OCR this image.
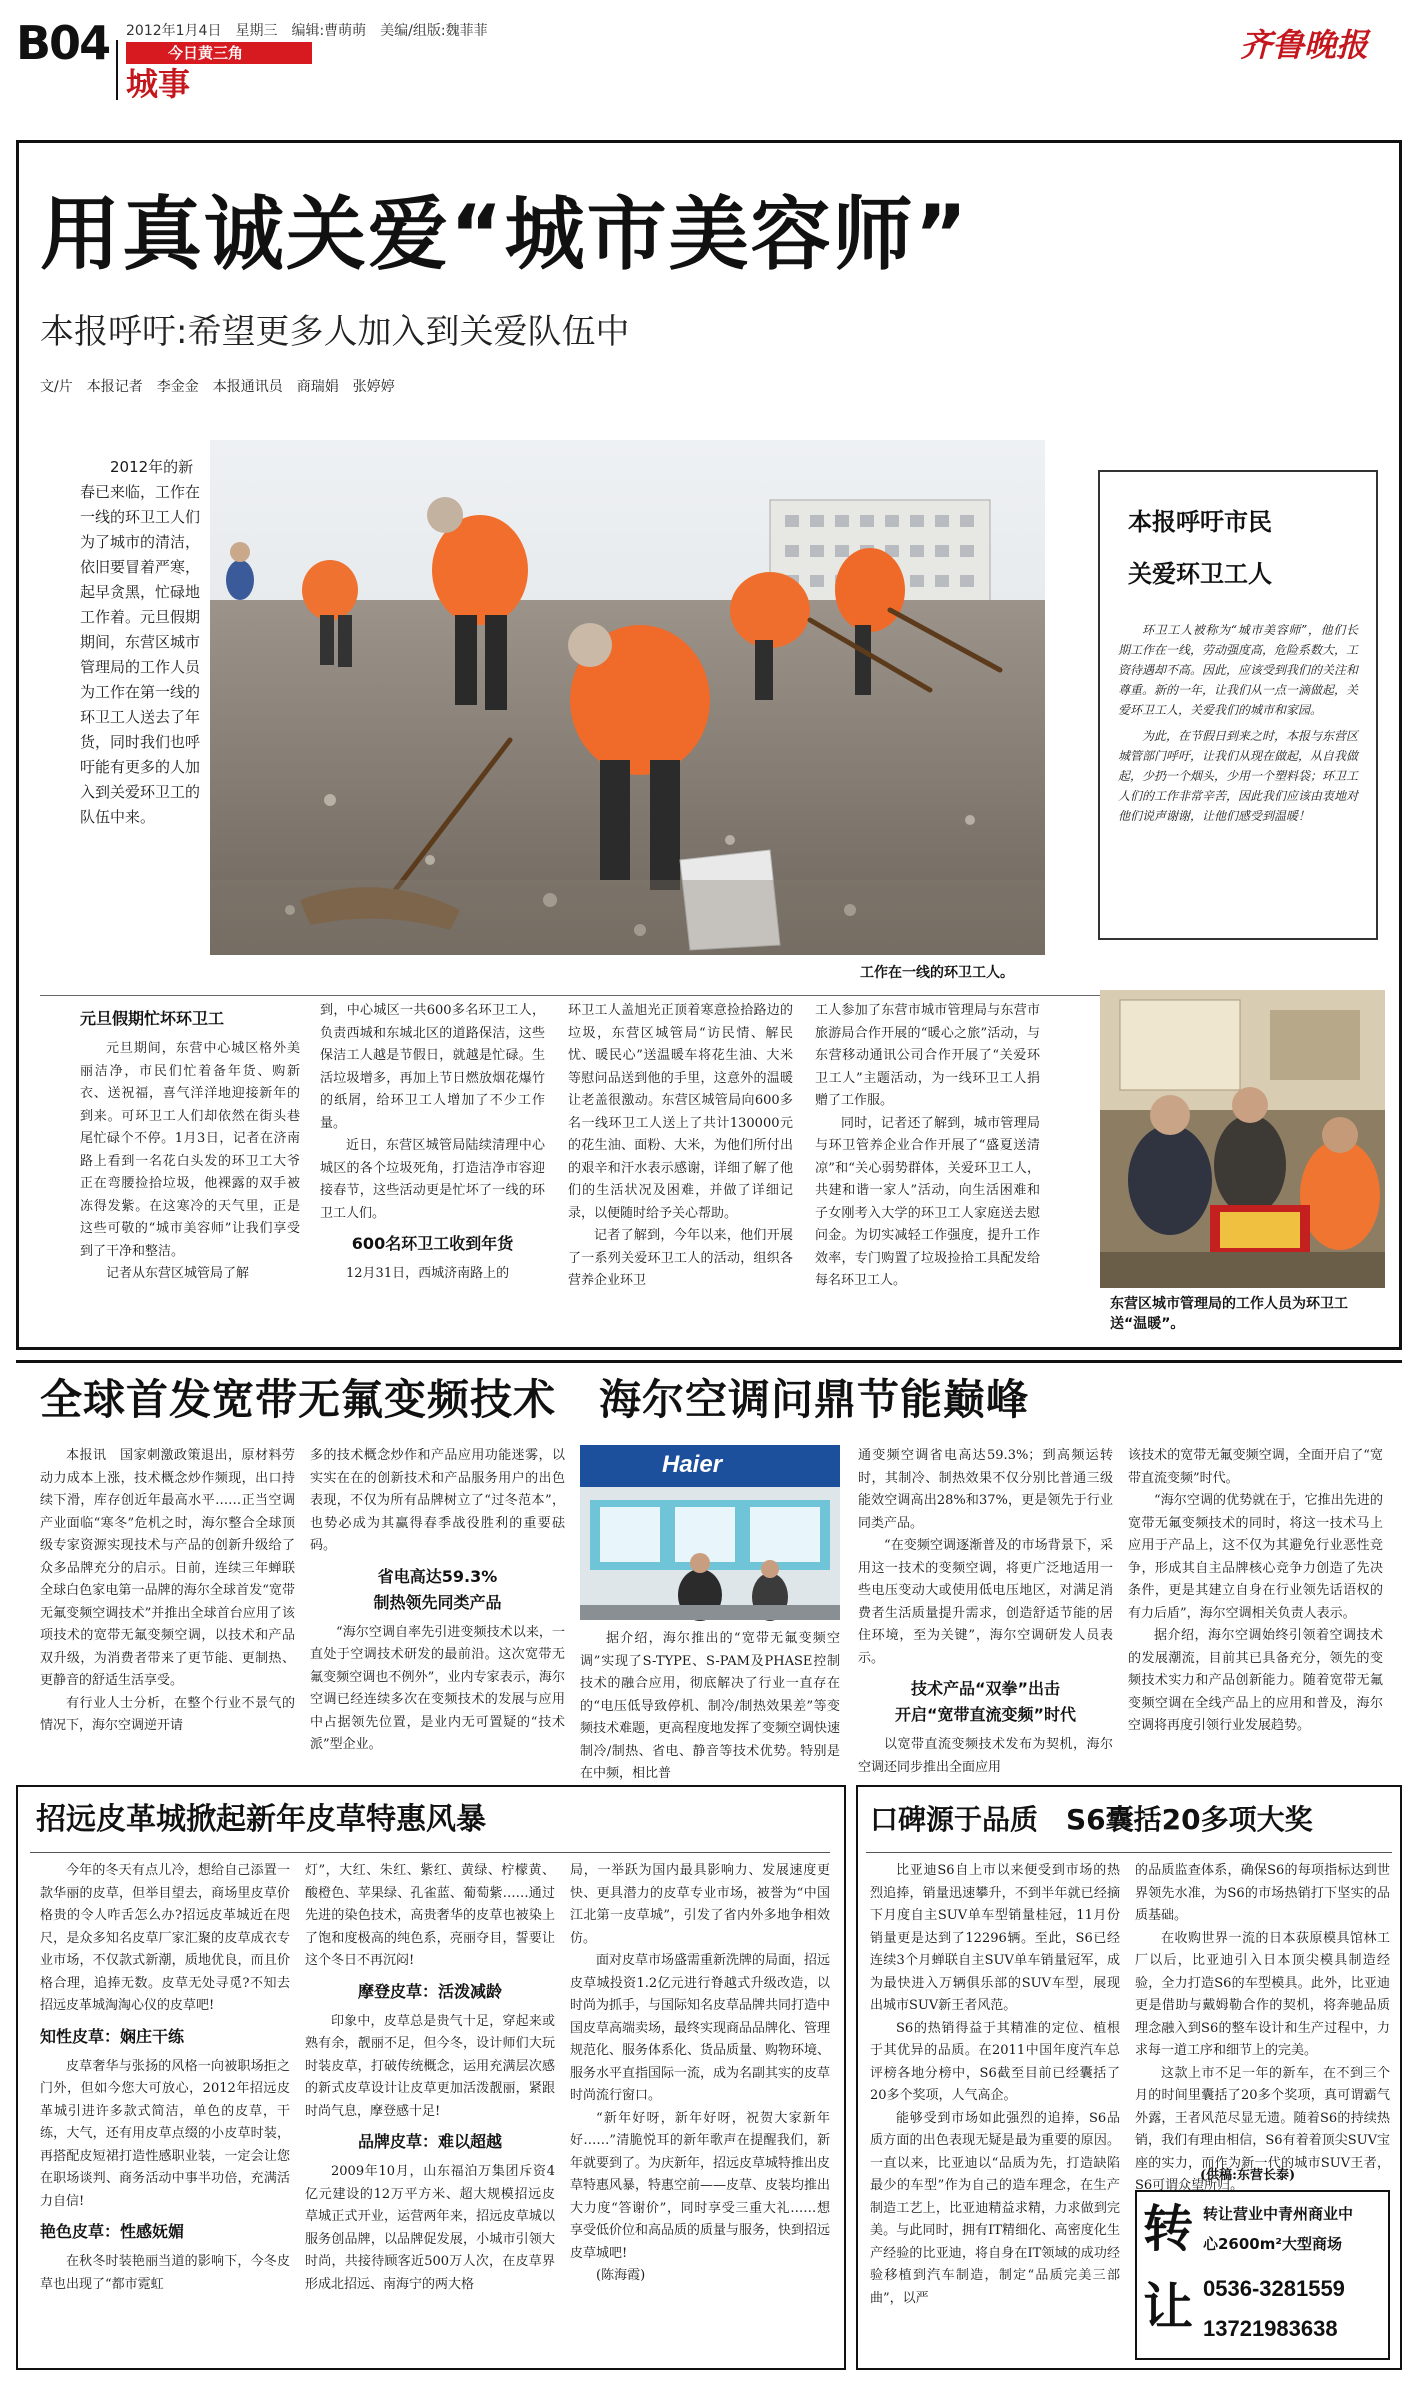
B04 2012年1月4日　星期三　编辑:曹萌萌　美编/组版:魏菲菲
今日黄三角
城事
齐鲁晚报
用真诚关爱“城市美容师”
本报呼吁:希望更多人加入到关爱队伍中
文/片　本报记者　李金金　本报通讯员　商瑞娟　张婷婷

2012年的新春已来临，工作在一线的环卫工人们为了城市的清洁，依旧要冒着严寒，起早贪黑，忙碌地工作着。元旦假期期间，东营区城市管理局的工作人员为工作在第一线的环卫工人送去了年货，同时我们也呼吁能有更多的人加入到关爱环卫工的队伍中来。

工作在一线的环卫工人。
本报呼吁市民
关爱环卫工人

环卫工人被称为“城市美容师”，他们长期工作在一线，劳动强度高，危险系数大，工资待遇却不高。因此，应该受到我们的关注和尊重。新的一年，让我们从一点一滴做起，关爱环卫工人，关爱我们的城市和家园。

为此，在节假日到来之时，本报与东营区城管部门呼吁，让我们从现在做起，从自我做起，少扔一个烟头，少用一个塑料袋；环卫工人们的工作非常辛苦，因此我们应该由衷地对他们说声谢谢，让他们感受到温暖！

元旦假期忙坏环卫工

元旦期间，东营中心城区格外美丽洁净，市民们忙着备年货、购新衣、送祝福，喜气洋洋地迎接新年的到来。可环卫工人们却依然在街头巷尾忙碌个不停。1月3日，记者在济南路上看到一名花白头发的环卫工大爷正在弯腰捡拾垃圾，他裸露的双手被冻得发紫。在这寒冷的天气里，正是这些可敬的“城市美容师”让我们享受到了干净和整洁。

记者从东营区城管局了解

到，中心城区一共600多名环卫工人，负责西城和东城北区的道路保洁，这些保洁工人越是节假日，就越是忙碌。生活垃圾增多，再加上节日燃放烟花爆竹的纸屑，给环卫工人增加了不少工作量。

近日，东营区城管局陆续清理中心城区的各个垃圾死角，打造洁净市容迎接春节，这些活动更是忙坏了一线的环卫工人们。

600名环卫工收到年货

12月31日，西城济南路上的

环卫工人盖旭光正顶着寒意捡拾路边的垃圾，东营区城管局“访民情、解民忧、暖民心”送温暖车将花生油、大米等慰问品送到他的手里，这意外的温暖让老盖很激动。东营区城管局向600多名一线环卫工人送上了共计130000元的花生油、面粉、大米，为他们所付出的艰辛和汗水表示感谢，详细了解了他们的生活状况及困难，并做了详细记录，以便随时给予关心帮助。

记者了解到，今年以来，他们开展了一系列关爱环卫工人的活动，组织各营养企业环卫

工人参加了东营市城市管理局与东营市旅游局合作开展的“暖心之旅”活动，与东营移动通讯公司合作开展了“关爱环卫工人”主题活动，为一线环卫工人捐赠了工作服。

同时，记者还了解到，城市管理局与环卫管养企业合作开展了“盛夏送清凉”和“关心弱势群体，关爱环卫工人，共建和谐一家人”活动，向生活困难和子女刚考入大学的环卫工人家庭送去慰问金。为切实减轻工作强度，提升工作效率，专门购置了垃圾捡拾工具配发给每名环卫工人。

东营区城市管理局的工作人员为环卫工送“温暖”。
全球首发宽带无氟变频技术　海尔空调问鼎节能巅峰

本报讯　国家刺激政策退出，原材料劳动力成本上涨，技术概念炒作频现，出口持续下滑，库存创近年最高水平……正当空调产业面临“寒冬”危机之时，海尔整合全球顶级专家资源实现技术与产品的创新升级给了众多品牌充分的启示。日前，连续三年蝉联全球白色家电第一品牌的海尔全球首发“宽带无氟变频空调技术”并推出全球首台应用了该项技术的宽带无氟变频空调，以技术和产品双升级，为消费者带来了更节能、更制热、更静音的舒适生活享受。

有行业人士分析，在整个行业不景气的情况下，海尔空调逆开请

多的技术概念炒作和产品应用功能迷雾，以实实在在的创新技术和产品服务用户的出色表现，不仅为所有品牌树立了“过冬范本”，也势必成为其赢得春季战役胜利的重要砝码。

省电高达59.3%
制热领先同类产品

“海尔空调自率先引进变频技术以来，一直处于空调技术研发的最前沿。这次宽带无氟变频空调也不例外”，业内专家表示，海尔空调已经连续多次在变频技术的发展与应用中占据领先位置，是业内无可置疑的“技术派”型企业。

Haier

据介绍，海尔推出的“宽带无氟变频空调”实现了S-TYPE、S-PAM及PHASE控制技术的融合应用，彻底解决了行业一直存在的“电压低导致停机、制冷/制热效果差”等变频技术难题，更高程度地发挥了变频空调快速制冷/制热、省电、静音等技术优势。特别是在中频，相比普

通变频空调省电高达59.3%；到高频运转时，其制冷、制热效果不仅分别比普通三级能效空调高出28%和37%，更是领先于行业同类产品。

“在变频空调逐渐普及的市场背景下，采用这一技术的变频空调，将更广泛地适用一些电压变动大或使用低电压地区，对满足消费者生活质量提升需求，创造舒适节能的居住环境，至为关键”，海尔空调研发人员表示。

技术产品“双拳”出击
开启“宽带直流变频”时代

以宽带直流变频技术发布为契机，海尔空调还同步推出全面应用

该技术的宽带无氟变频空调，全面开启了“宽带直流变频”时代。

“海尔空调的优势就在于，它推出先进的宽带无氟变频技术的同时，将这一技术马上应用于产品上，这不仅为其避免行业恶性竞争，形成其自主品牌核心竞争力创造了先决条件，更是其建立自身在行业领先话语权的有力后盾”，海尔空调相关负责人表示。

据介绍，海尔空调始终引领着空调技术的发展潮流，目前其已具备充分，领先的变频技术实力和产品创新能力。随着宽带无氟变频空调在全线产品上的应用和普及，海尔空调将再度引领行业发展趋势。

招远皮革城掀起新年皮草特惠风暴

今年的冬天有点儿冷，想给自己添置一款华丽的皮草，但举目望去，商场里皮草价格贵的令人咋舌怎么办?招远皮革城近在咫尺，是众多知名皮草厂家汇聚的皮草成衣专业市场，不仅款式新潮，质地优良，而且价格合理，追捧无数。皮草无处寻觅?不知去招远皮革城淘淘心仪的皮草吧!

知性皮草：娴庄干练

皮草奢华与张扬的风格一向被职场拒之门外，但如今您大可放心，2012年招远皮革城引进许多款式简洁，单色的皮草，干练，大气，还有用皮草点缀的小皮草时装，再搭配皮短裙打造性感职业装，一定会让您在职场谈判、商务活动中事半功倍，充满活力自信!

艳色皮草：性感妩媚

在秋冬时装艳丽当道的影响下，今冬皮草也出现了“都市霓虹

灯”，大红、朱红、紫红、黄绿、柠檬黄、酸橙色、苹果绿、孔雀蓝、葡萄紫……通过先进的染色技术，高贵奢华的皮草也被染上了饱和度极高的纯色系，亮丽夺目，誓要让这个冬日不再沉闷!

摩登皮草：活泼减龄

印象中，皮草总是贵气十足，穿起来或熟有余，靓丽不足，但今冬，设计师们大玩时装皮草，打破传统概念，运用充满层次感的新式皮草设计让皮草更加活泼靓丽，紧跟时尚气息，摩登感十足!

品牌皮草：难以超越

2009年10月，山东福泊万集团斥资4亿元建设的12万平方米、超大规模招远皮草城正式开业，运营两年来，招远皮草城以服务创品牌，以品牌促发展，小城市引领大时尚，共接待顾客近500万人次，在皮草界形成北招远、南海宁的两大格

局，一举跃为国内最具影响力、发展速度更快、更具潜力的皮草专业市场，被誉为“中国江北第一皮草城”，引发了省内外多地争相效仿。

面对皮草市场盛需重新洗牌的局面，招远皮草城投资1.2亿元进行脊越式升级改造，以时尚为抓手，与国际知名皮草品牌共同打造中国皮草高端卖场，最终实现商品品牌化、管理规范化、服务体系化、货品质量、购物环境、服务水平直指国际一流，成为名副其实的皮草时尚流行窗口。

“新年好呀，新年好呀，祝贺大家新年好……”清脆悦耳的新年歌声在提醒我们，新年就要到了。为庆新年，招远皮草城特推出皮草特惠风暴，特惠空前——皮草、皮装均推出大力度“答谢价”，同时享受三重大礼……想享受低价位和高品质的质量与服务，快到招远皮草城吧!

(陈海霞)

口碑源于品质　S6囊括20多项大奖

比亚迪S6自上市以来便受到市场的热烈追捧，销量迅速攀升，不到半年就已经摘下月度自主SUV单车型销量桂冠，11月份销量更是达到了12296辆。至此，S6已经连续3个月蝉联自主SUV单车销量冠军，成为最快进入万辆俱乐部的SUV车型，展现出城市SUV新王者风范。

S6的热销得益于其精准的定位、植根于其优异的品质。在2011中国年度汽车总评榜各地分榜中，S6截至目前已经囊括了20多个奖项，人气高企。

能够受到市场如此强烈的追捧，S6品质方面的出色表现无疑是最为重要的原因。一直以来，比亚迪以“品质为先，打造缺陷最少的车型”作为自己的造车理念，在生产制造工艺上，比亚迪精益求精，力求做到完美。与此同时，拥有IT精细化、高密度化生产经验的比亚迪，将自身在IT领域的成功经验移植到汽车制造，制定“品质完美三部曲”，以严

的品质监查体系，确保S6的每项指标达到世界领先水准，为S6的市场热销打下坚实的品质基础。

在收购世界一流的日本荻原模具馆林工厂以后，比亚迪引入日本顶尖模具制造经验，全力打造S6的车型模具。此外，比亚迪更是借助与戴姆勒合作的契机，将奔驰品质理念融入到S6的整车设计和生产过程中，力求每一道工序和细节上的完美。

这款上市不足一年的新车，在不到三个月的时间里囊括了20多个奖项，真可谓霸气外露，王者风范尽显无遗。随着S6的持续热销，我们有理由相信，S6有着着顶尖SUV宝座的实力，而作为新一代的城市SUV王者，S6可谓众望所归。

(供稿:东营长泰)
转
让
转让营业中青州商业中
心2600m²大型商场
0536-3281559
13721983638
